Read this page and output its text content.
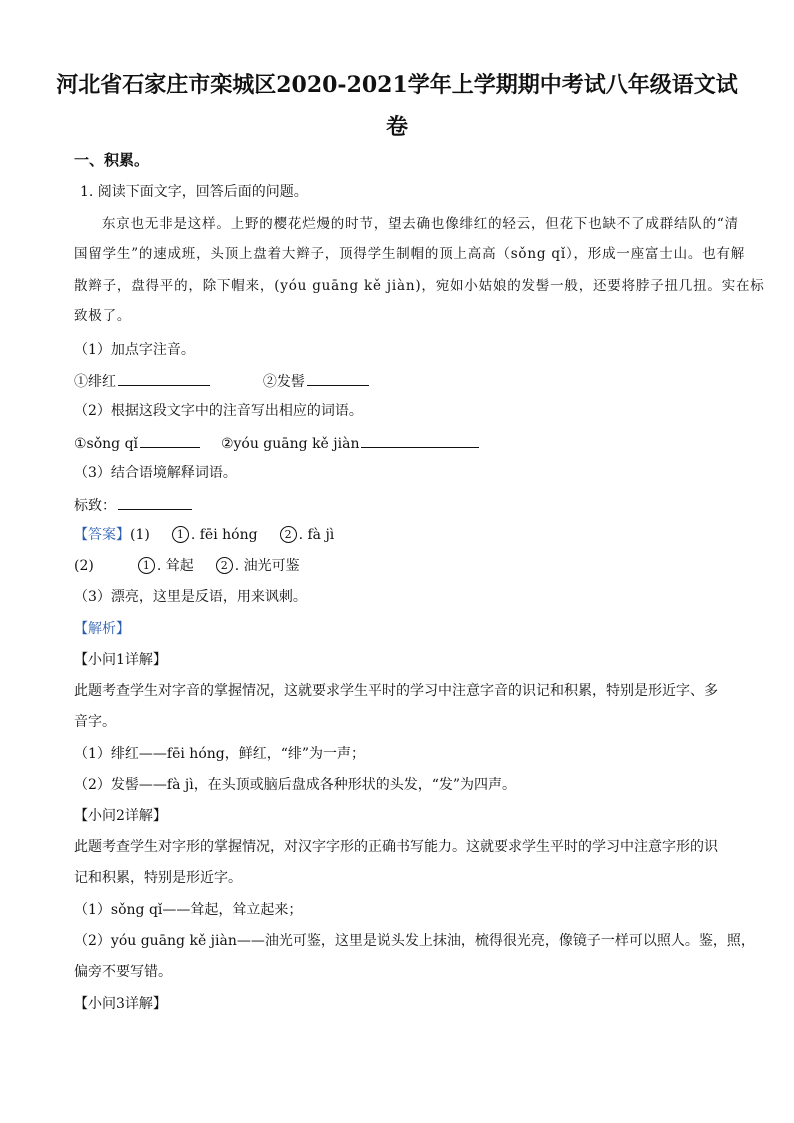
河北省石家庄市栾城区2020-2021学年上学期期中考试八年级语文试
卷
一、积累。
1. 阅读下面文字，回答后面的问题。
东京也无非是这样。上野的樱花烂熳的时节，望去确也像绯红的轻云，但花下也缺不了成群结队的“清
国留学生”的速成班，头顶上盘着大辫子，顶得学生制帽的顶上高高（sǒng qǐ），形成一座富士山。也有解
散辫子，盘得平的，除下帽来，(yóu guāng kě jiàn)，宛如小姑娘的发髻一般，还要将脖子扭几扭。实在标
致极了。
（1）加点字注音。
①绯红	②发髻
（2）根据这段文字中的注音写出相应的词语。
①sǒng qǐ	②yóu guāng kě jiàn
（3）结合语境解释词语。
标致：
【答案】(1) 1 . fēi hóng 2 . fà jì
(2)	1 . 耸起 2 . 油光可鉴
（3）漂亮，这里是反语，用来讽刺。
【解析】
【小问1详解】
此题考查学生对字音的掌握情况，这就要求学生平时的学习中注意字音的识记和积累，特别是形近字、多
音字。
（1）绯红——fēi hóng，鲜红，“绯”为一声；
（2）发髻——fà jì，在头顶或脑后盘成各种形状的头发，“发”为四声。
【小问2详解】
此题考查学生对字形的掌握情况，对汉字字形的正确书写能力。这就要求学生平时的学习中注意字形的识
记和积累，特别是形近字。
（1）sǒng qǐ——耸起，耸立起来；
（2）yóu guāng kě jiàn——油光可鉴，这里是说头发上抹油，梳得很光亮，像镜子一样可以照人。鉴，照，
偏旁不要写错。
【小问3详解】
